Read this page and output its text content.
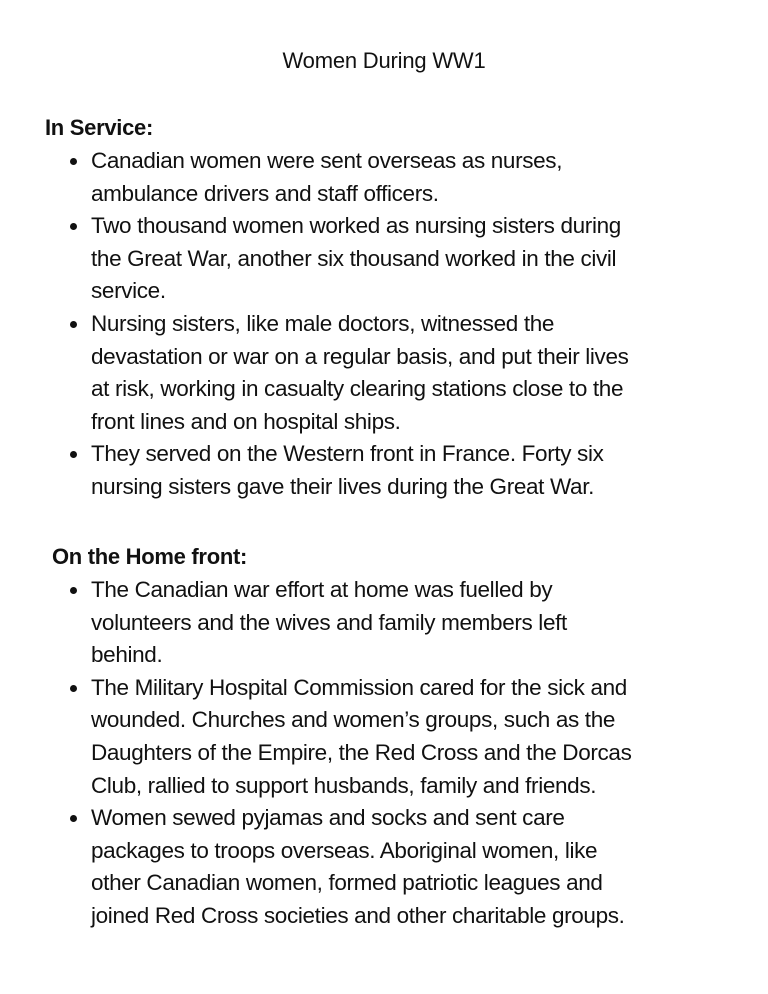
Women During WW1
In Service:
Canadian women were sent overseas as nurses,
ambulance drivers and staff officers.
Two thousand women worked as nursing sisters during
the Great War, another six thousand worked in the civil
service.
Nursing sisters, like male doctors, witnessed the
devastation or war on a regular basis, and put their lives
at risk, working in casualty clearing stations close to the
front lines and on hospital ships.
They served on the Western front in France. Forty six
nursing sisters gave their lives during the Great War.
On the Home front:
The Canadian war effort at home was fuelled by
volunteers and the wives and family members left
behind.
The Military Hospital Commission cared for the sick and
wounded. Churches and women’s groups, such as the
Daughters of the Empire, the Red Cross and the Dorcas
Club, rallied to support husbands, family and friends.
Women sewed pyjamas and socks and sent care
packages to troops overseas. Aboriginal women, like
other Canadian women, formed patriotic leagues and
joined Red Cross societies and other charitable groups.
